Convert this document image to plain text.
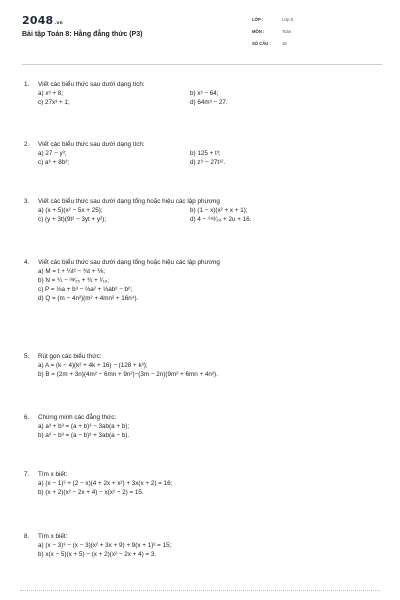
2048.vn
Bài tập Toán 8: Hằng đẳng thức (P3)
LỚP :	Lớp 8
MÔN :	Toán
SỐ CÂU :	18
1.	Viết các biểu thức sau dưới dạng tích:
a) x³ + 8;	b) x³ − 64;
c) 27x³ + 1;	d) 64m³ − 27.
2.	Viết các biểu thức sau dưới dạng tích:
a) 27 − y³;	b) 125 + t³;
c) a⁶ + 8b³;	d) z⁹ − 27t¹².
3.	Viết các biểu thức sau dưới dạng tổng hoặc hiệu các lập phương
a) (x + 5)(x² − 5x + 25);	b) (1 − x)(x² + x + 1);
c) (y + 3t)(9t² − 3yt + y²);	d) 4 − ⁹ᵘ²⁄₂₄ + 2u + 16.
4.	Viết các biểu thức sau dưới dạng tổng hoặc hiệu các lập phương
a) M = t + ¼t² − ¾t + ⅙;
b) N = ¼ − ³ᵃ⁄₂₅ + ¾ + ¹⁄₁₆;
c) P = ⅓a + b³ − ⅔a² + ⅓ab² − b⁶;
d) Q = (m − 4n²)(m² + 4mn² + 16n⁴).
5.	Rút gọn các biểu thức:
a) A = (k − 4)(k² + 4k + 16) − (128 + k³);
b) B = (2m + 3n)(4m² − 6mn + 9n²)−(3m − 2n)(9m² + 6mn + 4n²).
6.	Chứng minh các đẳng thức:
a) a³ + b³ = (a + b)³ − 3ab(a + b);
b) a³ − b³ = (a − b)³ + 3ab(a − b).
7.	Tìm x biết:
a) (x − 1)³ + (2 − x)(4 + 2x + x²) + 3x(x + 2) = 16;
b) (x + 2)(x² − 2x + 4) − x(x² − 2) = 15.
8.	Tìm x biết:
a) (x − 3)³ − (x − 3)(x² + 3x + 9) + 9(x + 1)² = 15;
b) x(x − 5)(x + 5) − (x + 2)(x² − 2x + 4) = 3.
